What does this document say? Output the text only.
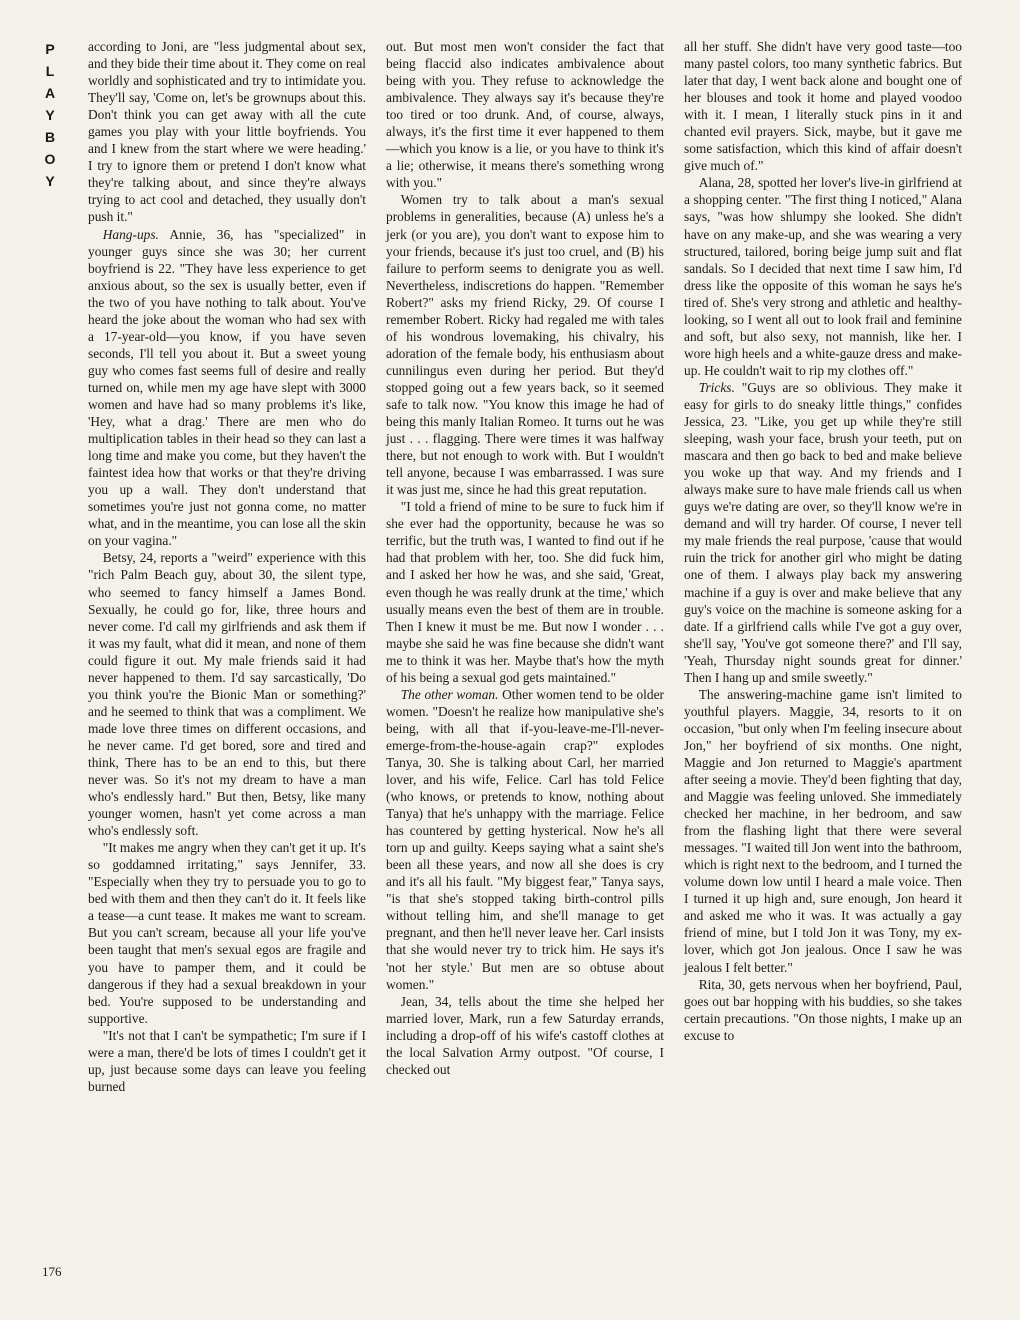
P
L
A
Y
B
O
Y
176

according to Joni, are "less judgmental about sex, and they bide their time about it. They come on real worldly and sophisticated and try to intimidate you. They'll say, 'Come on, let's be grownups about this. Don't think you can get away with all the cute games you play with your little boyfriends. You and I knew from the start where we were heading.' I try to ignore them or pretend I don't know what they're talking about, and since they're always trying to act cool and detached, they usually don't push it."

Hang-ups. Annie, 36, has "specialized" in younger guys since she was 30; her current boyfriend is 22. "They have less experience to get anxious about, so the sex is usually better, even if the two of you have nothing to talk about. You've heard the joke about the woman who had sex with a 17-year-old—you know, if you have seven seconds, I'll tell you about it. But a sweet young guy who comes fast seems full of desire and really turned on, while men my age have slept with 3000 women and have had so many problems it's like, 'Hey, what a drag.' There are men who do multiplication tables in their head so they can last a long time and make you come, but they haven't the faintest idea how that works or that they're driving you up a wall. They don't understand that sometimes you're just not gonna come, no matter what, and in the meantime, you can lose all the skin on your vagina."

Betsy, 24, reports a "weird" experience with this "rich Palm Beach guy, about 30, the silent type, who seemed to fancy himself a James Bond. Sexually, he could go for, like, three hours and never come. I'd call my girlfriends and ask them if it was my fault, what did it mean, and none of them could figure it out. My male friends said it had never happened to them. I'd say sarcastically, 'Do you think you're the Bionic Man or something?' and he seemed to think that was a compliment. We made love three times on different occasions, and he never came. I'd get bored, sore and tired and think, There has to be an end to this, but there never was. So it's not my dream to have a man who's endlessly hard." But then, Betsy, like many younger women, hasn't yet come across a man who's endlessly soft.

"It makes me angry when they can't get it up. It's so goddamned irritating," says Jennifer, 33. "Especially when they try to persuade you to go to bed with them and then they can't do it. It feels like a tease—a cunt tease. It makes me want to scream. But you can't scream, because all your life you've been taught that men's sexual egos are fragile and you have to pamper them, and it could be dangerous if they had a sexual breakdown in your bed. You're supposed to be understanding and supportive.

"It's not that I can't be sympathetic; I'm sure if I were a man, there'd be lots of times I couldn't get it up, just because some days can leave you feeling burned

out. But most men won't consider the fact that being flaccid also indicates ambivalence about being with you. They refuse to acknowledge the ambivalence. They always say it's because they're too tired or too drunk. And, of course, always, always, it's the first time it ever happened to them—which you know is a lie, or you have to think it's a lie; otherwise, it means there's something wrong with you."

Women try to talk about a man's sexual problems in generalities, because (A) unless he's a jerk (or you are), you don't want to expose him to your friends, because it's just too cruel, and (B) his failure to perform seems to denigrate you as well. Nevertheless, indiscretions do happen. "Remember Robert?" asks my friend Ricky, 29. Of course I remember Robert. Ricky had regaled me with tales of his wondrous lovemaking, his chivalry, his adoration of the female body, his enthusiasm about cunnilingus even during her period. But they'd stopped going out a few years back, so it seemed safe to talk now. "You know this image he had of being this manly Italian Romeo. It turns out he was just . . . flagging. There were times it was halfway there, but not enough to work with. But I wouldn't tell anyone, because I was embarrassed. I was sure it was just me, since he had this great reputation.

"I told a friend of mine to be sure to fuck him if she ever had the opportunity, because he was so terrific, but the truth was, I wanted to find out if he had that problem with her, too. She did fuck him, and I asked her how he was, and she said, 'Great, even though he was really drunk at the time,' which usually means even the best of them are in trouble. Then I knew it must be me. But now I wonder . . . maybe she said he was fine because she didn't want me to think it was her. Maybe that's how the myth of his being a sexual god gets maintained."

The other woman. Other women tend to be older women. "Doesn't he realize how manipulative she's being, with all that if-you-leave-me-I'll-never-emerge-from-the-house-again crap?" explodes Tanya, 30. She is talking about Carl, her married lover, and his wife, Felice. Carl has told Felice (who knows, or pretends to know, nothing about Tanya) that he's unhappy with the marriage. Felice has countered by getting hysterical. Now he's all torn up and guilty. Keeps saying what a saint she's been all these years, and now all she does is cry and it's all his fault. "My biggest fear," Tanya says, "is that she's stopped taking birth-control pills without telling him, and she'll manage to get pregnant, and then he'll never leave her. Carl insists that she would never try to trick him. He says it's 'not her style.' But men are so obtuse about women."

Jean, 34, tells about the time she helped her married lover, Mark, run a few Saturday errands, including a drop-off of his wife's castoff clothes at the local Salvation Army outpost. "Of course, I checked out

all her stuff. She didn't have very good taste—too many pastel colors, too many synthetic fabrics. But later that day, I went back alone and bought one of her blouses and took it home and played voodoo with it. I mean, I literally stuck pins in it and chanted evil prayers. Sick, maybe, but it gave me some satisfaction, which this kind of affair doesn't give much of."

Alana, 28, spotted her lover's live-in girlfriend at a shopping center. "The first thing I noticed," Alana says, "was how shlumpy she looked. She didn't have on any make-up, and she was wearing a very structured, tailored, boring beige jump suit and flat sandals. So I decided that next time I saw him, I'd dress like the opposite of this woman he says he's tired of. She's very strong and athletic and healthy-looking, so I went all out to look frail and feminine and soft, but also sexy, not mannish, like her. I wore high heels and a white-gauze dress and make-up. He couldn't wait to rip my clothes off."

Tricks. "Guys are so oblivious. They make it easy for girls to do sneaky little things," confides Jessica, 23. "Like, you get up while they're still sleeping, wash your face, brush your teeth, put on mascara and then go back to bed and make believe you woke up that way. And my friends and I always make sure to have male friends call us when guys we're dating are over, so they'll know we're in demand and will try harder. Of course, I never tell my male friends the real purpose, 'cause that would ruin the trick for another girl who might be dating one of them. I always play back my answering machine if a guy is over and make believe that any guy's voice on the machine is someone asking for a date. If a girlfriend calls while I've got a guy over, she'll say, 'You've got someone there?' and I'll say, 'Yeah, Thursday night sounds great for dinner.' Then I hang up and smile sweetly."

The answering-machine game isn't limited to youthful players. Maggie, 34, resorts to it on occasion, "but only when I'm feeling insecure about Jon," her boyfriend of six months. One night, Maggie and Jon returned to Maggie's apartment after seeing a movie. They'd been fighting that day, and Maggie was feeling unloved. She immediately checked her machine, in her bedroom, and saw from the flashing light that there were several messages. "I waited till Jon went into the bathroom, which is right next to the bedroom, and I turned the volume down low until I heard a male voice. Then I turned it up high and, sure enough, Jon heard it and asked me who it was. It was actually a gay friend of mine, but I told Jon it was Tony, my ex-lover, which got Jon jealous. Once I saw he was jealous I felt better."

Rita, 30, gets nervous when her boyfriend, Paul, goes out bar hopping with his buddies, so she takes certain precautions. "On those nights, I make up an excuse to
